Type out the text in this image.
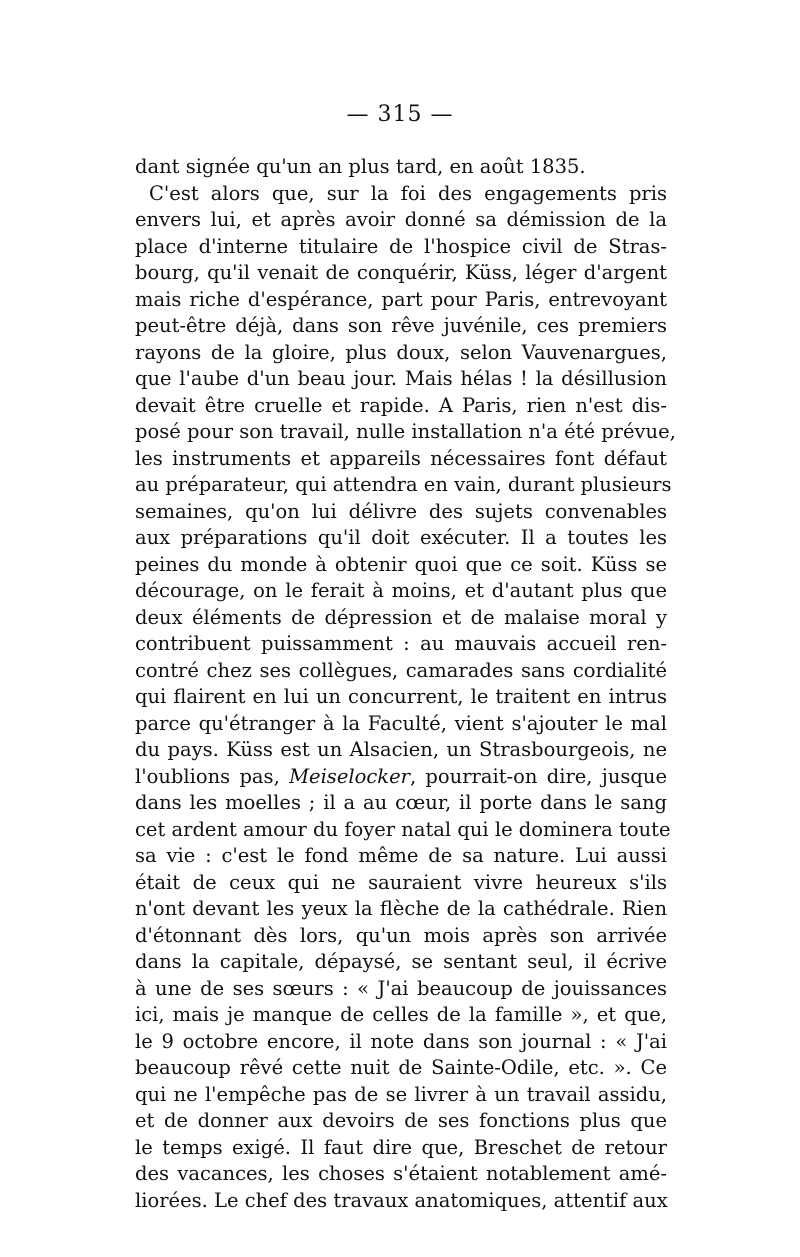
— 315 —
dant signée qu'un an plus tard, en août 1835.
C'est alors que, sur la foi des engagements pris
envers lui, et après avoir donné sa démission de la
place d'interne titulaire de l'hospice civil de Stras-
bourg, qu'il venait de conquérir, Küss, léger d'argent
mais riche d'espérance, part pour Paris, entrevoyant
peut-être déjà, dans son rêve juvénile, ces premiers
rayons de la gloire, plus doux, selon Vauvenargues,
que l'aube d'un beau jour. Mais hélas ! la désillusion
devait être cruelle et rapide. A Paris, rien n'est dis-
posé pour son travail, nulle installation n'a été prévue,
les instruments et appareils nécessaires font défaut
au préparateur, qui attendra en vain, durant plusieurs
semaines, qu'on lui délivre des sujets convenables
aux préparations qu'il doit exécuter. Il a toutes les
peines du monde à obtenir quoi que ce soit. Küss se
décourage, on le ferait à moins, et d'autant plus que
deux éléments de dépression et de malaise moral y
contribuent puissamment : au mauvais accueil ren-
contré chez ses collègues, camarades sans cordialité
qui flairent en lui un concurrent, le traitent en intrus
parce qu'étranger à la Faculté, vient s'ajouter le mal
du pays. Küss est un Alsacien, un Strasbourgeois, ne
l'oublions pas, Meiselocker, pourrait-on dire, jusque
dans les moelles ; il a au cœur, il porte dans le sang
cet ardent amour du foyer natal qui le dominera toute
sa vie : c'est le fond même de sa nature. Lui aussi
était de ceux qui ne sauraient vivre heureux s'ils
n'ont devant les yeux la flèche de la cathédrale. Rien
d'étonnant dès lors, qu'un mois après son arrivée
dans la capitale, dépaysé, se sentant seul, il écrive
à une de ses sœurs : « J'ai beaucoup de jouissances
ici, mais je manque de celles de la famille », et que,
le 9 octobre encore, il note dans son journal : « J'ai
beaucoup rêvé cette nuit de Sainte-Odile, etc. ». Ce
qui ne l'empêche pas de se livrer à un travail assidu,
et de donner aux devoirs de ses fonctions plus que
le temps exigé. Il faut dire que, Breschet de retour
des vacances, les choses s'étaient notablement amé-
liorées. Le chef des travaux anatomiques, attentif aux
